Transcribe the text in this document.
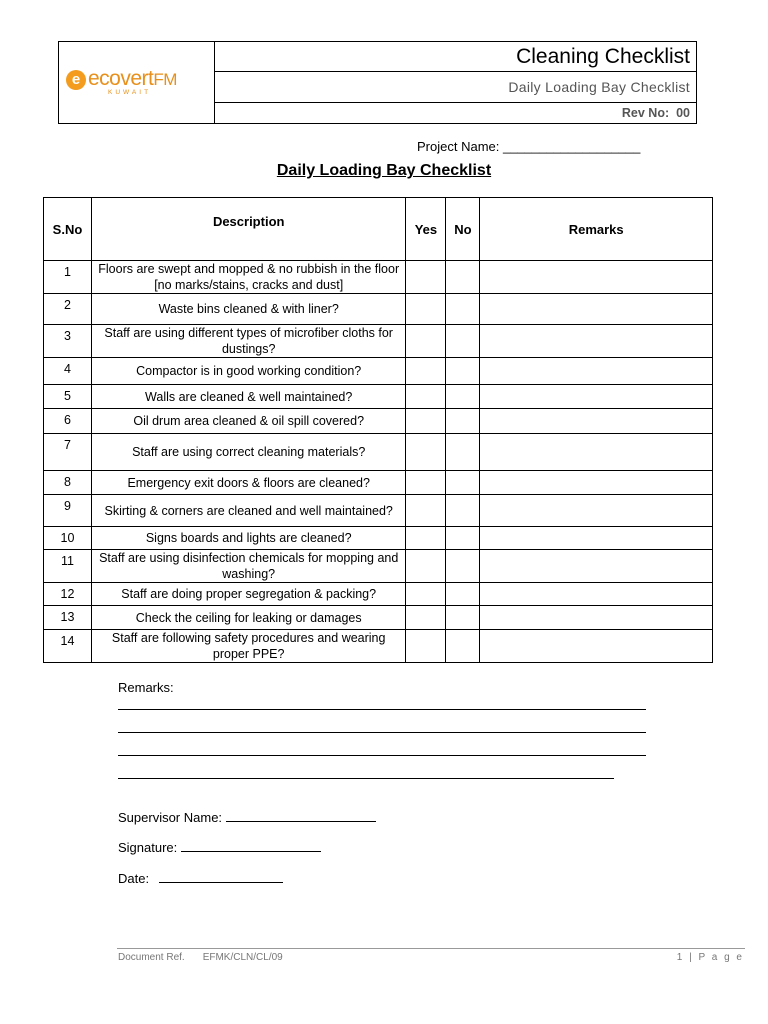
e ecovertFM
KUWAIT
Cleaning Checklist
Daily Loading Bay Checklist
Rev No: 00
Project Name: ___________________
Daily Loading Bay Checklist
S.No	Description	Yes	No	Remarks
1	Floors are swept and mopped & no rubbish in the floor [no marks/stains, cracks and dust]			
2	Waste bins cleaned & with liner?			
3	Staff are using different types of microfiber cloths for dustings?			
4	Compactor is in good working condition?			
5	Walls are cleaned & well maintained?			
6	Oil drum area cleaned & oil spill covered?			
7	Staff are using correct cleaning materials?			
8	Emergency exit doors & floors are cleaned?			
9	Skirting & corners are cleaned and well maintained?			
10	Signs boards and lights are cleaned?			
11	Staff are using disinfection chemicals for mopping and washing?			
12	Staff are doing proper segregation & packing?			
13	Check the ceiling for leaking or damages			
14	Staff are following safety procedures and wearing proper PPE?			
Remarks:
Supervisor Name:
Signature:
Date:
Document Ref. EFMK/CLN/CL/09	1 | P a g e
